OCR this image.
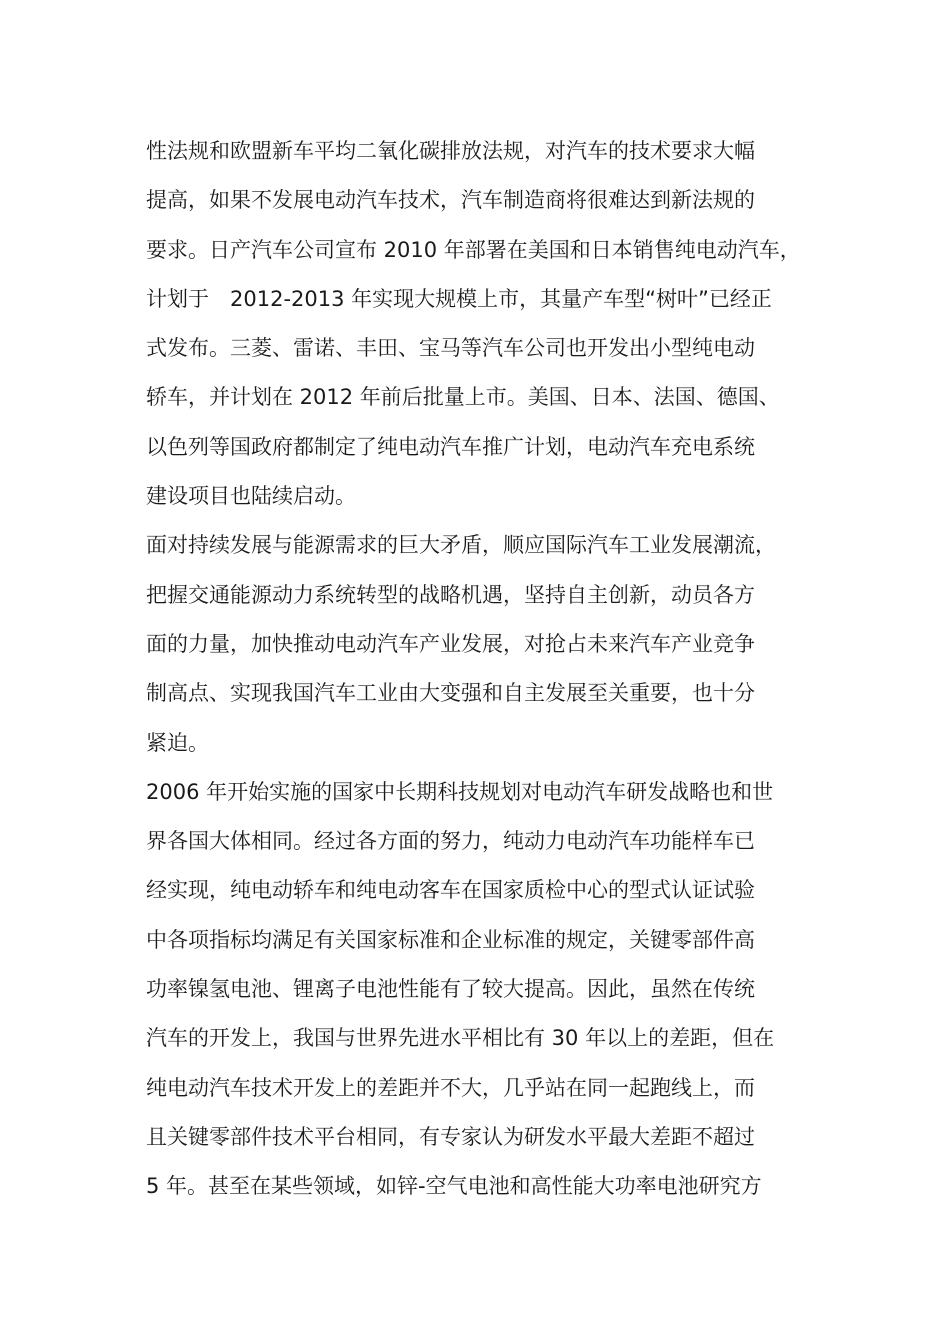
性法规和欧盟新车平均二氧化碳排放法规，对汽车的技术要求大幅
提高，如果不发展电动汽车技术，汽车制造商将很难达到新法规的
要求。日产汽车公司宣布 2010 年部署在美国和日本销售纯电动汽车，
计划于　2012-2013 年实现大规模上市，其量产车型“树叶”已经正
式发布。三菱、雷诺、丰田、宝马等汽车公司也开发出小型纯电动
轿车，并计划在 2012 年前后批量上市。美国、日本、法国、德国、
以色列等国政府都制定了纯电动汽车推广计划，电动汽车充电系统
建设项目也陆续启动。
面对持续发展与能源需求的巨大矛盾，顺应国际汽车工业发展潮流，
把握交通能源动力系统转型的战略机遇，坚持自主创新，动员各方
面的力量，加快推动电动汽车产业发展，对抢占未来汽车产业竞争
制高点、实现我国汽车工业由大变强和自主发展至关重要，也十分
紧迫。
2006 年开始实施的国家中长期科技规划对电动汽车研发战略也和世
界各国大体相同。经过各方面的努力，纯动力电动汽车功能样车已
经实现，纯电动轿车和纯电动客车在国家质检中心的型式认证试验
中各项指标均满足有关国家标准和企业标准的规定，关键零部件高
功率镍氢电池、锂离子电池性能有了较大提高。因此，虽然在传统
汽车的开发上，我国与世界先进水平相比有 30 年以上的差距，但在
纯电动汽车技术开发上的差距并不大，几乎站在同一起跑线上，而
且关键零部件技术平台相同，有专家认为研发水平最大差距不超过
5 年。甚至在某些领域，如锌-空气电池和高性能大功率电池研究方
